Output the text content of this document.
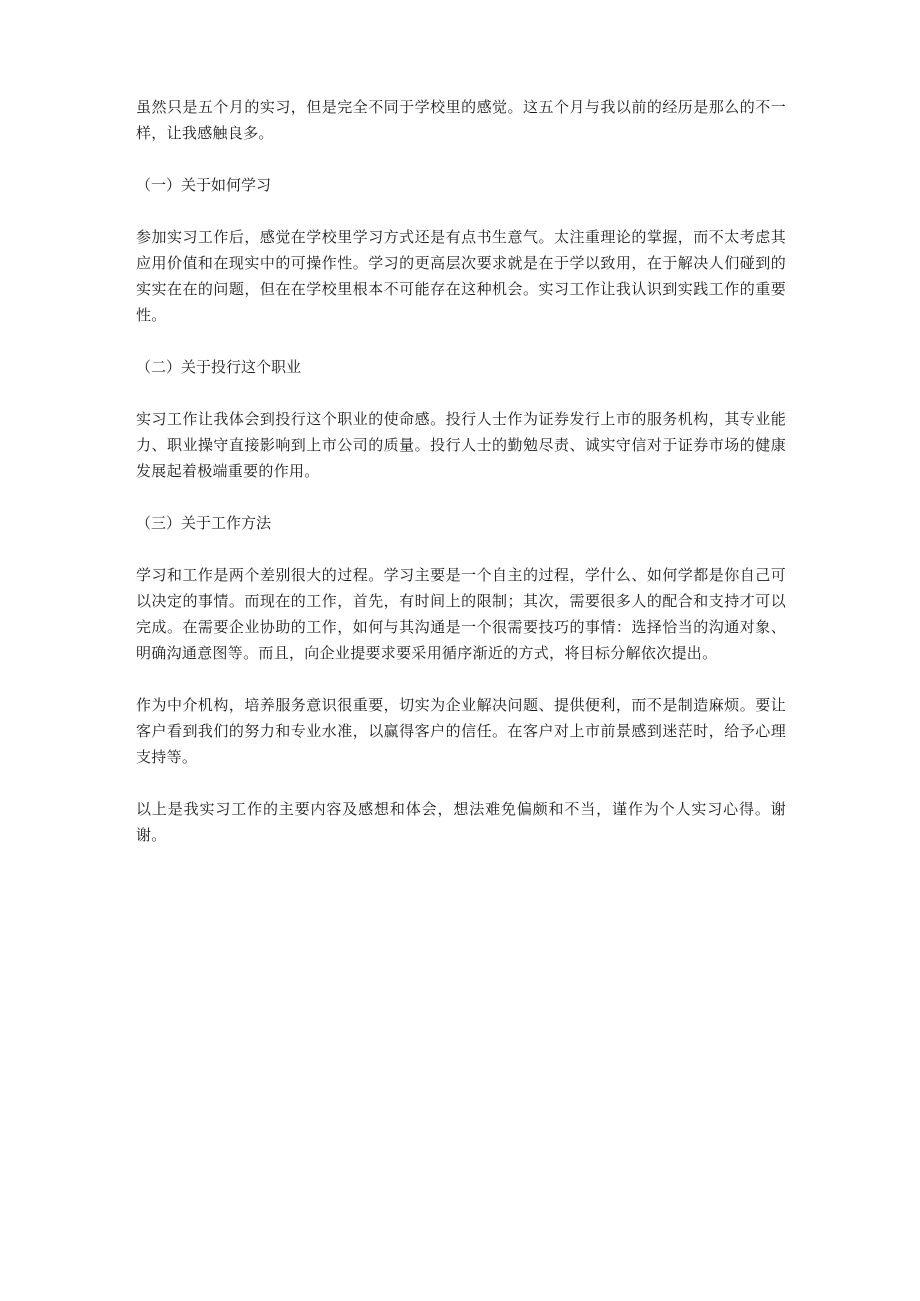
虽然只是五个月的实习，但是完全不同于学校里的感觉。这五个月与我以前的经历是那么的不一样，让我感触良多。

（一）关于如何学习

参加实习工作后，感觉在学校里学习方式还是有点书生意气。太注重理论的掌握，而不太考虑其应用价值和在现实中的可操作性。学习的更高层次要求就是在于学以致用，在于解决人们碰到的实实在在的问题，但在在学校里根本不可能存在这种机会。实习工作让我认识到实践工作的重要性。

（二）关于投行这个职业

实习工作让我体会到投行这个职业的使命感。投行人士作为证券发行上市的服务机构，其专业能力、职业操守直接影响到上市公司的质量。投行人士的勤勉尽责、诚实守信对于证券市场的健康发展起着极端重要的作用。

（三）关于工作方法

学习和工作是两个差别很大的过程。学习主要是一个自主的过程，学什么、如何学都是你自己可以决定的事情。而现在的工作，首先，有时间上的限制；其次，需要很多人的配合和支持才可以完成。在需要企业协助的工作，如何与其沟通是一个很需要技巧的事情：选择恰当的沟通对象、明确沟通意图等。而且，向企业提要求要采用循序渐近的方式，将目标分解依次提出。

作为中介机构，培养服务意识很重要，切实为企业解决问题、提供便利，而不是制造麻烦。要让客户看到我们的努力和专业水准，以赢得客户的信任。在客户对上市前景感到迷茫时，给予心理支持等。

以上是我实习工作的主要内容及感想和体会，想法难免偏颇和不当，谨作为个人实习心得。谢谢。
